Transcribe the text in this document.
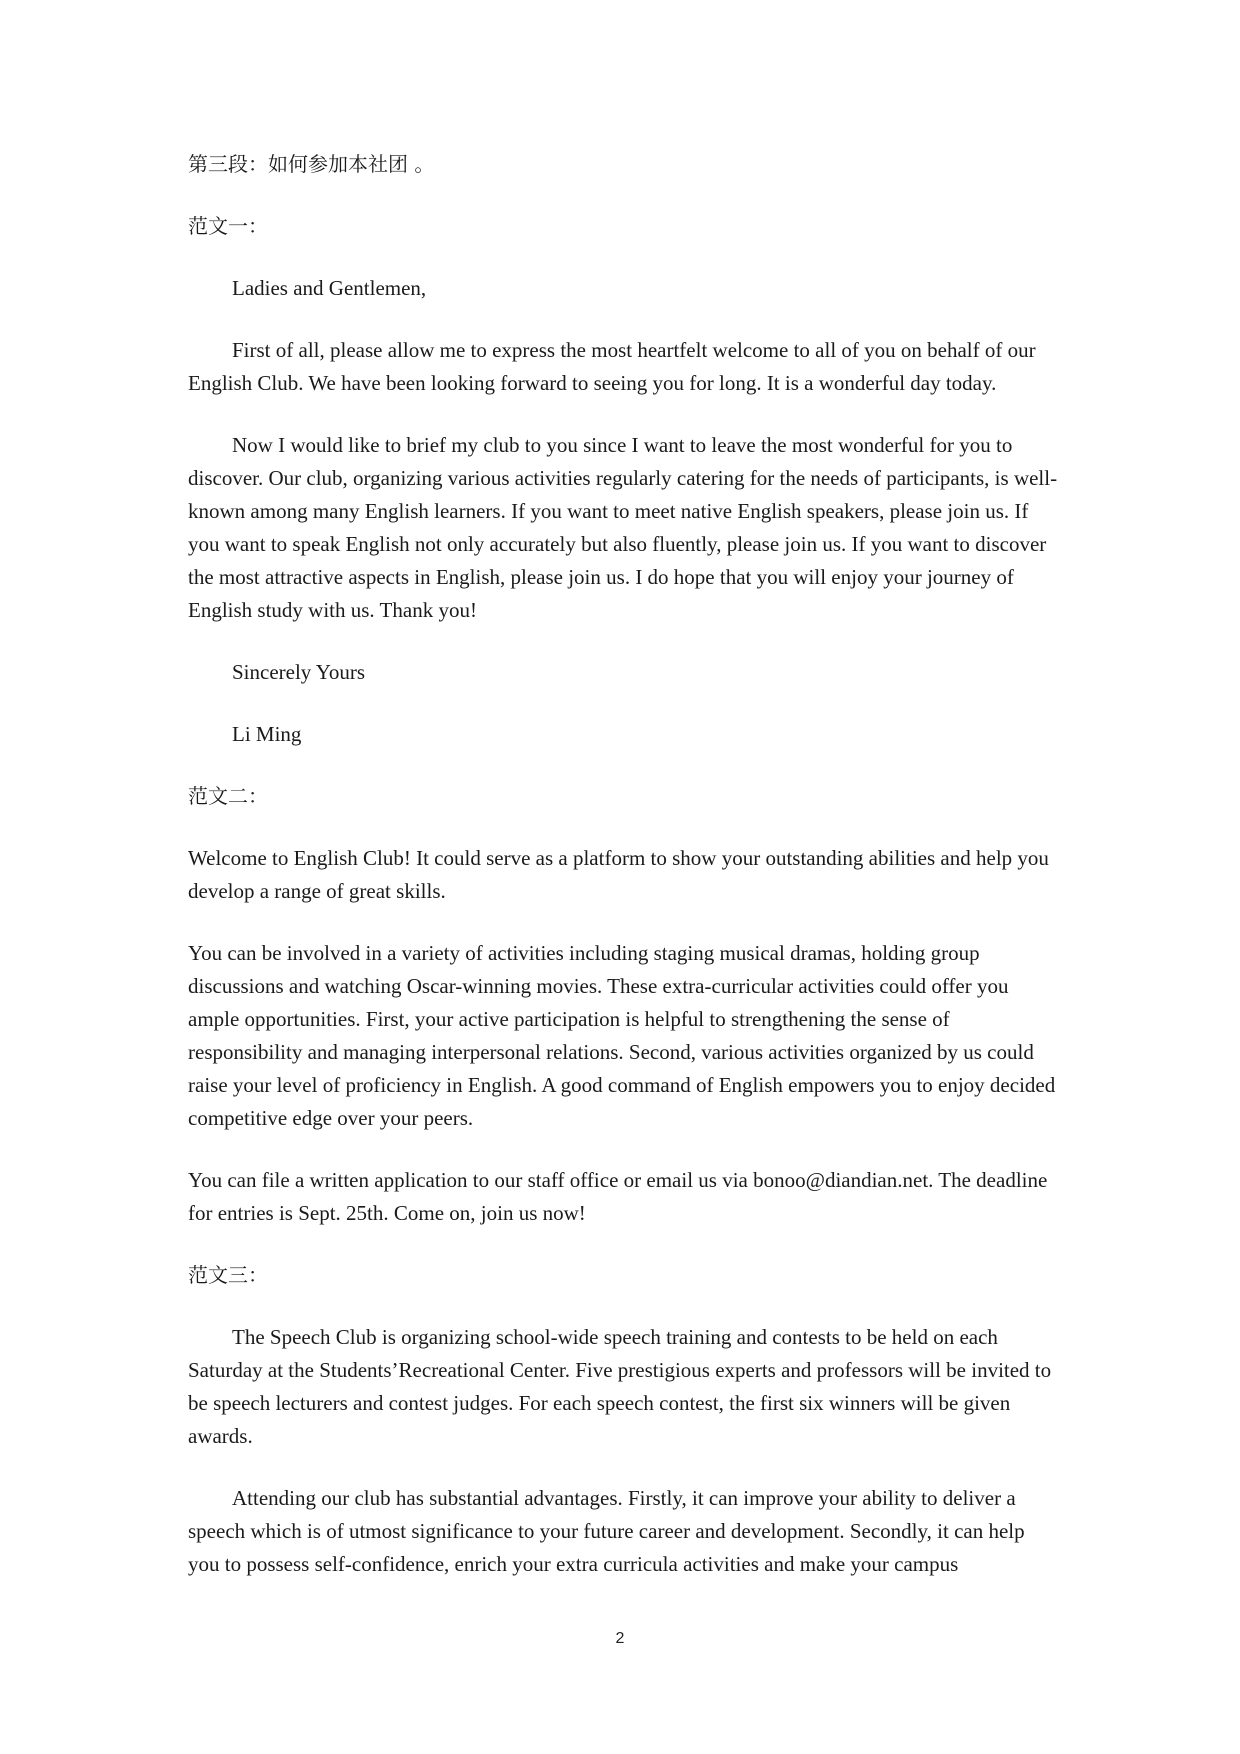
第三段：如何参加本社团 。

范文一：

Ladies and Gentlemen,

First of all, please allow me to express the most heartfelt welcome to all of you on behalf of our English Club. We have been looking forward to seeing you for long. It is a wonderful day today.

Now I would like to brief my club to you since I want to leave the most wonderful for you to discover. Our club, organizing various activities regularly catering for the needs of participants, is well-known among many English learners. If you want to meet native English speakers, please join us. If you want to speak English not only accurately but also fluently, please join us. If you want to discover the most attractive aspects in English, please join us. I do hope that you will enjoy your journey of English study with us. Thank you!

Sincerely Yours

Li Ming

范文二：

Welcome to English Club! It could serve as a platform to show your outstanding abilities and help you develop a range of great skills.

You can be involved in a variety of activities including staging musical dramas, holding group discussions and watching Oscar-winning movies. These extra-curricular activities could offer you ample opportunities. First, your active participation is helpful to strengthening the sense of responsibility and managing interpersonal relations. Second, various activities organized by us could raise your level of proficiency in English. A good command of English empowers you to enjoy decided competitive edge over your peers.

You can file a written application to our staff office or email us via bonoo@diandian.net. The deadline for entries is Sept. 25th. Come on, join us now!

范文三：

The Speech Club is organizing school-wide speech training and contests to be held on each Saturday at the Students’Recreational Center. Five prestigious experts and professors will be invited to be speech lecturers and contest judges. For each speech contest, the first six winners will be given awards.

Attending our club has substantial advantages. Firstly, it can improve your ability to deliver a speech which is of utmost significance to your future career and development. Secondly, it can help you to possess self-confidence, enrich your extra curricula activities and make your campus

2
